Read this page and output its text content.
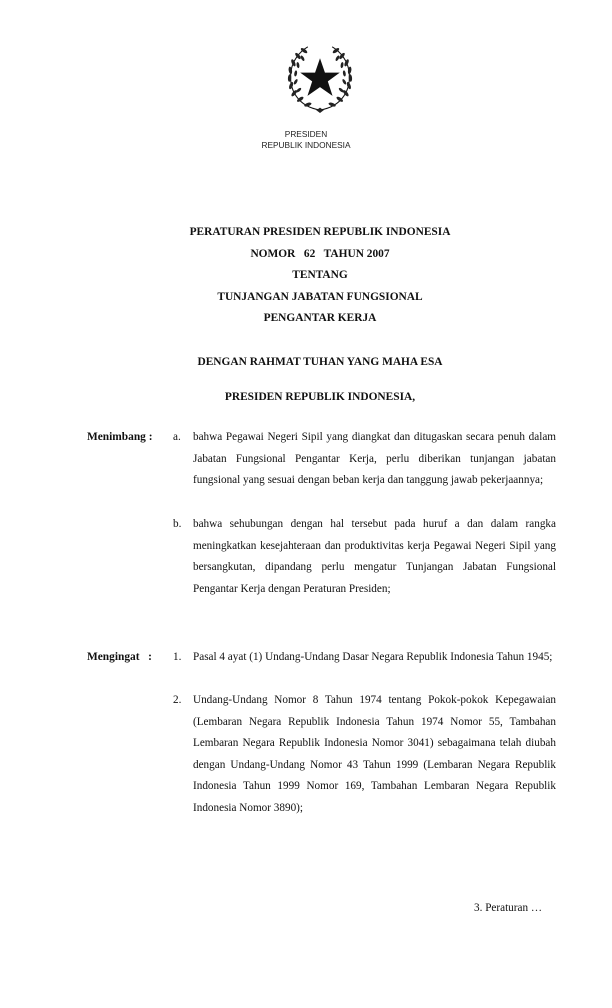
PRESIDEN
REPUBLIK INDONESIA
PERATURAN PRESIDEN REPUBLIK INDONESIA
NOMOR   62   TAHUN 2007
TENTANG
TUNJANGAN JABATAN FUNGSIONAL
PENGANTAR KERJA
DENGAN RAHMAT TUHAN YANG MAHA ESA
PRESIDEN REPUBLIK INDONESIA,
Menimbang : a. bahwa Pegawai Negeri Sipil yang diangkat dan ditugaskan secara penuh dalam Jabatan Fungsional Pengantar Kerja, perlu diberikan tunjangan jabatan fungsional yang sesuai dengan beban kerja dan tanggung jawab pekerjaannya;
b. bahwa sehubungan dengan hal tersebut pada huruf a dan dalam rangka meningkatkan kesejahteraan dan produktivitas kerja Pegawai Negeri Sipil yang bersangkutan, dipandang perlu mengatur Tunjangan Jabatan Fungsional Pengantar Kerja dengan Peraturan Presiden;
Mengingat   : 1. Pasal 4 ayat (1) Undang-Undang Dasar Negara Republik Indonesia Tahun 1945;
2. Undang-Undang Nomor 8 Tahun 1974 tentang Pokok-pokok Kepegawaian (Lembaran Negara Republik Indonesia Tahun 1974 Nomor 55, Tambahan Lembaran Negara Republik Indonesia Nomor 3041) sebagaimana telah diubah dengan Undang-Undang Nomor 43 Tahun 1999 (Lembaran Negara Republik Indonesia Tahun 1999 Nomor 169, Tambahan Lembaran Negara Republik Indonesia Nomor 3890);
3. Peraturan …
